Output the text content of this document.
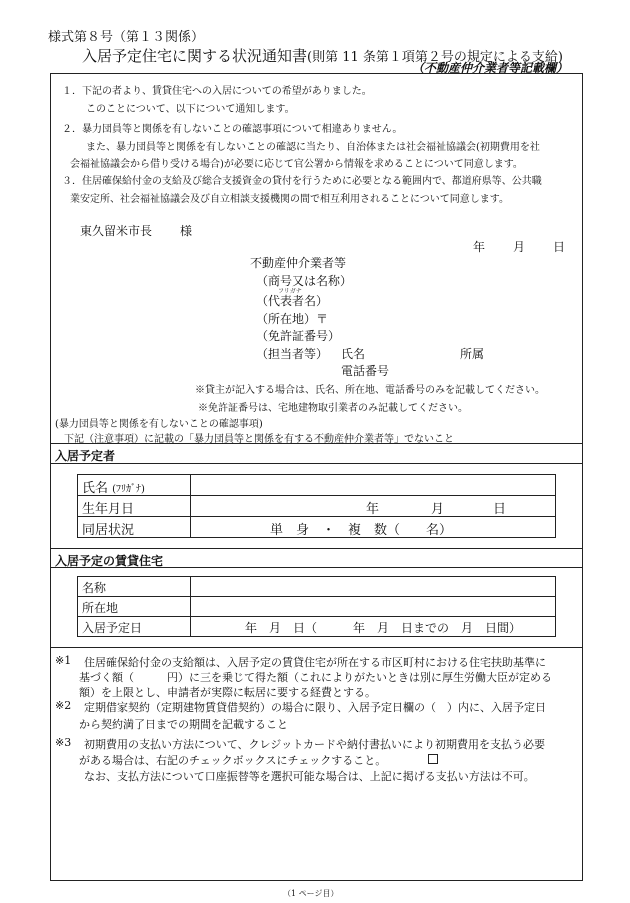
様式第８号（第１３関係）
入居予定住宅に関する状況通知書(則第 11 条第１項第２号の規定による支給)
（不動産仲介業者等記載欄）
１．下記の者より、賃貸住宅への入居についての希望がありました。
このことについて、以下について通知します。
２．暴力団員等と関係を有しないことの確認事項について相違ありません。
また、暴力団員等と関係を有しないことの確認に当たり、自治体または社会福祉協議会(初期費用を社
会福祉協議会から借り受ける場合)が必要に応じて官公署から情報を求めることについて同意します。
３．住居確保給付金の支給及び総合支援資金の貸付を行うために必要となる範囲内で、都道府県等、公共職
業安定所、社会福祉協議会及び自立相談支援機関の間で相互利用されることについて同意します。
東久留米市長 様
年 月 日
不動産仲介業者等
（商号又は名称）
フリガナ
（代表者名）
（所在地）〒
（免許証番号）
（担当者等） 氏名	所属
電話番号
※貸主が記入する場合は、氏名、所在地、電話番号のみを記載してください。
※免許証番号は、宅地建物取引業者のみ記載してください。
(暴力団員等と関係を有しないことの確認事項)
下記（注意事項）に記載の「暴力団員等と関係を有する不動産仲介業者等」でないこと
入居予定者
氏名 (ﾌﾘｶﾞﾅ)
生年月日	年	月	日
同居状況	単　身　・　複　数（　　名）
入居予定の賃貸住宅
名称
所在地
入居予定日	年　月　日（　　　年　月　日までの　月　日間）
※1 住居確保給付金の支給額は、入居予定の賃貸住宅が所在する市区町村における住宅扶助基準に
基づく額（　　　円）に三を乗じて得た額（これによりがたいときは別に厚生労働大臣が定める
額）を上限とし、申請者が実際に転居に要する経費とする。
※2 定期借家契約（定期建物賃貸借契約）の場合に限り、入居予定日欄の（　）内に、入居予定日
から契約満了日までの期間を記載すること
※3 初期費用の支払い方法について、クレジットカードや納付書払いにより初期費用を支払う必要
がある場合は、右記のチェックボックスにチェックすること。
なお、支払方法について口座振替等を選択可能な場合は、上記に掲げる支払い方法は不可。
（1 ページ目）
